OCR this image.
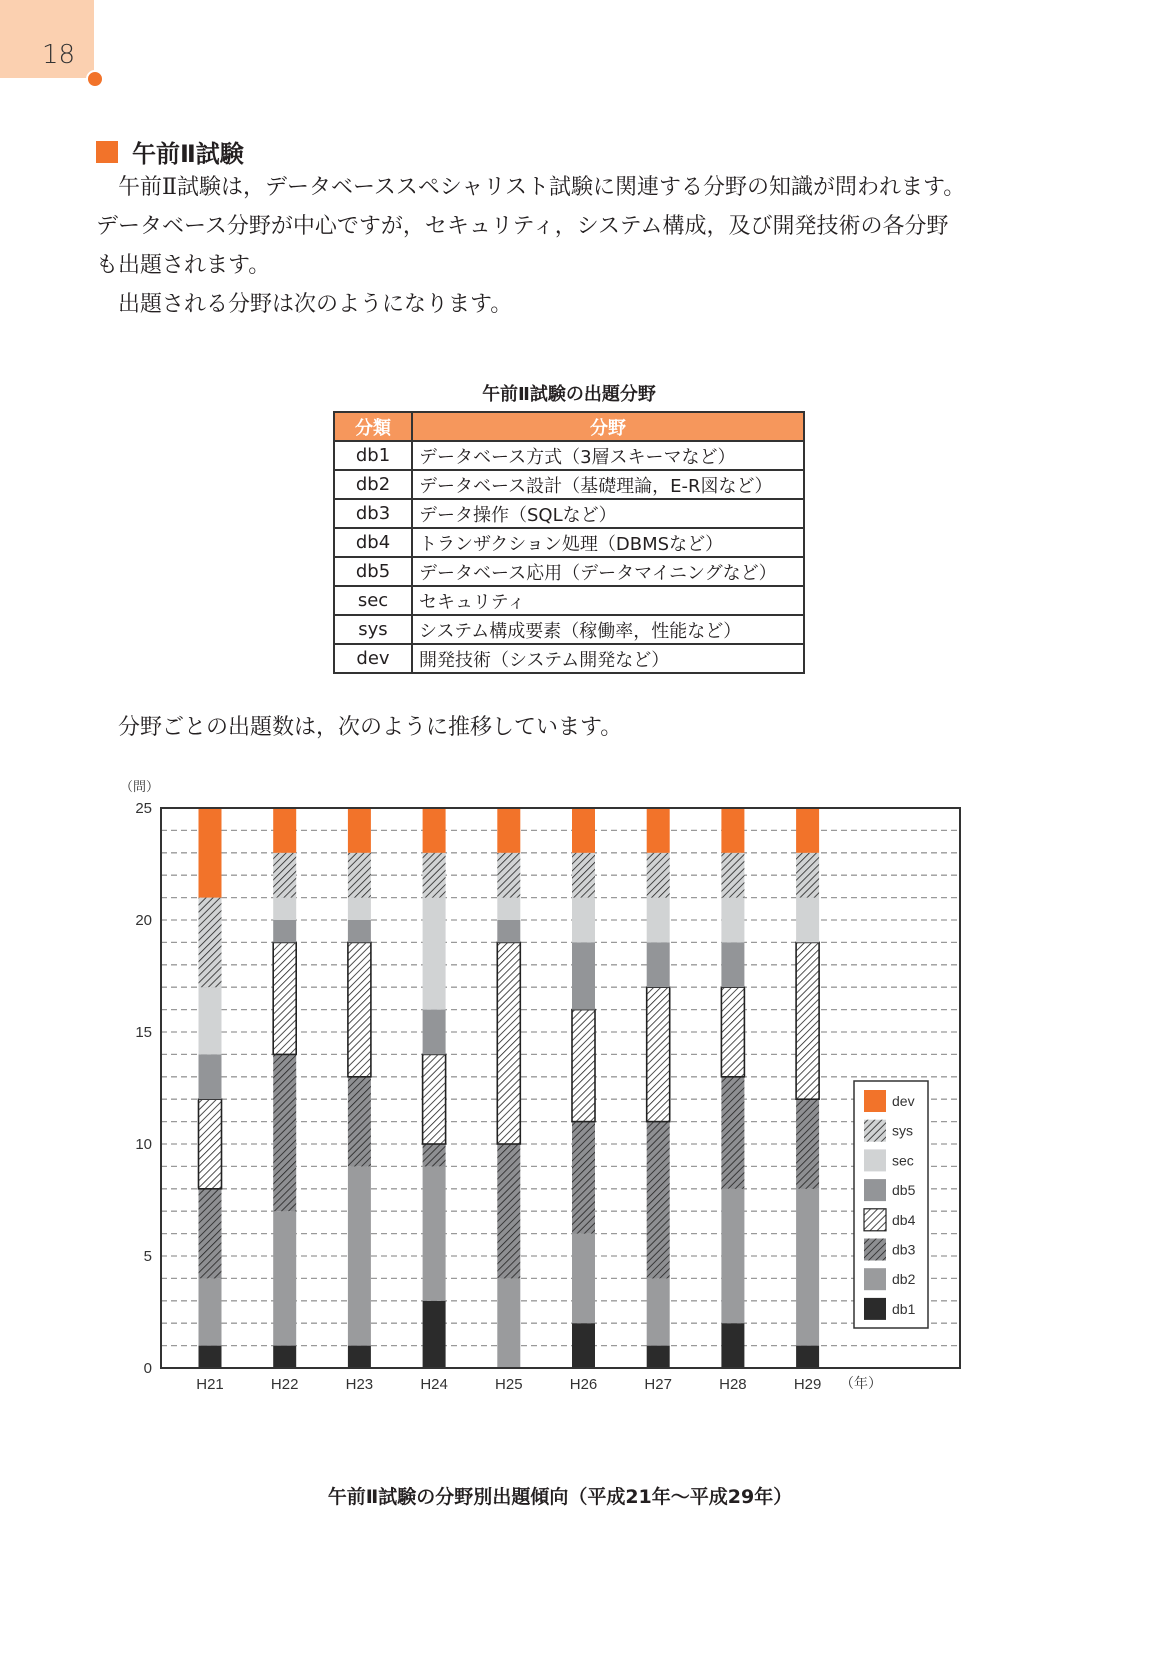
18
午前Ⅱ試験
　午前Ⅱ試験は，データベーススペシャリスト試験に関連する分野の知識が問われます。
データベース分野が中心ですが，セキュリティ，システム構成，及び開発技術の各分野
も出題されます。
　出題される分野は次のようになります。
午前Ⅱ試験の出題分野
分類	分野
db1	データベース方式（3層スキーマなど）
db2	データベース設計（基礎理論，E-R図など）
db3	データ操作（SQLなど）
db4	トランザクション処理（DBMSなど）
db5	データベース応用（データマイニングなど）
sec	セキュリティ
sys	システム構成要素（稼働率，性能など）
dev	開発技術（システム開発など）
　分野ごとの出題数は，次のように推移しています。
0
5
10
15
20
25
（問）
H21	H22	H23	H24	H25	H26	H27	H28	H29 （年）
dev
sys
sec
db5
db4
db3
db2
db1
午前Ⅱ試験の分野別出題傾向（平成21年〜平成29年）
